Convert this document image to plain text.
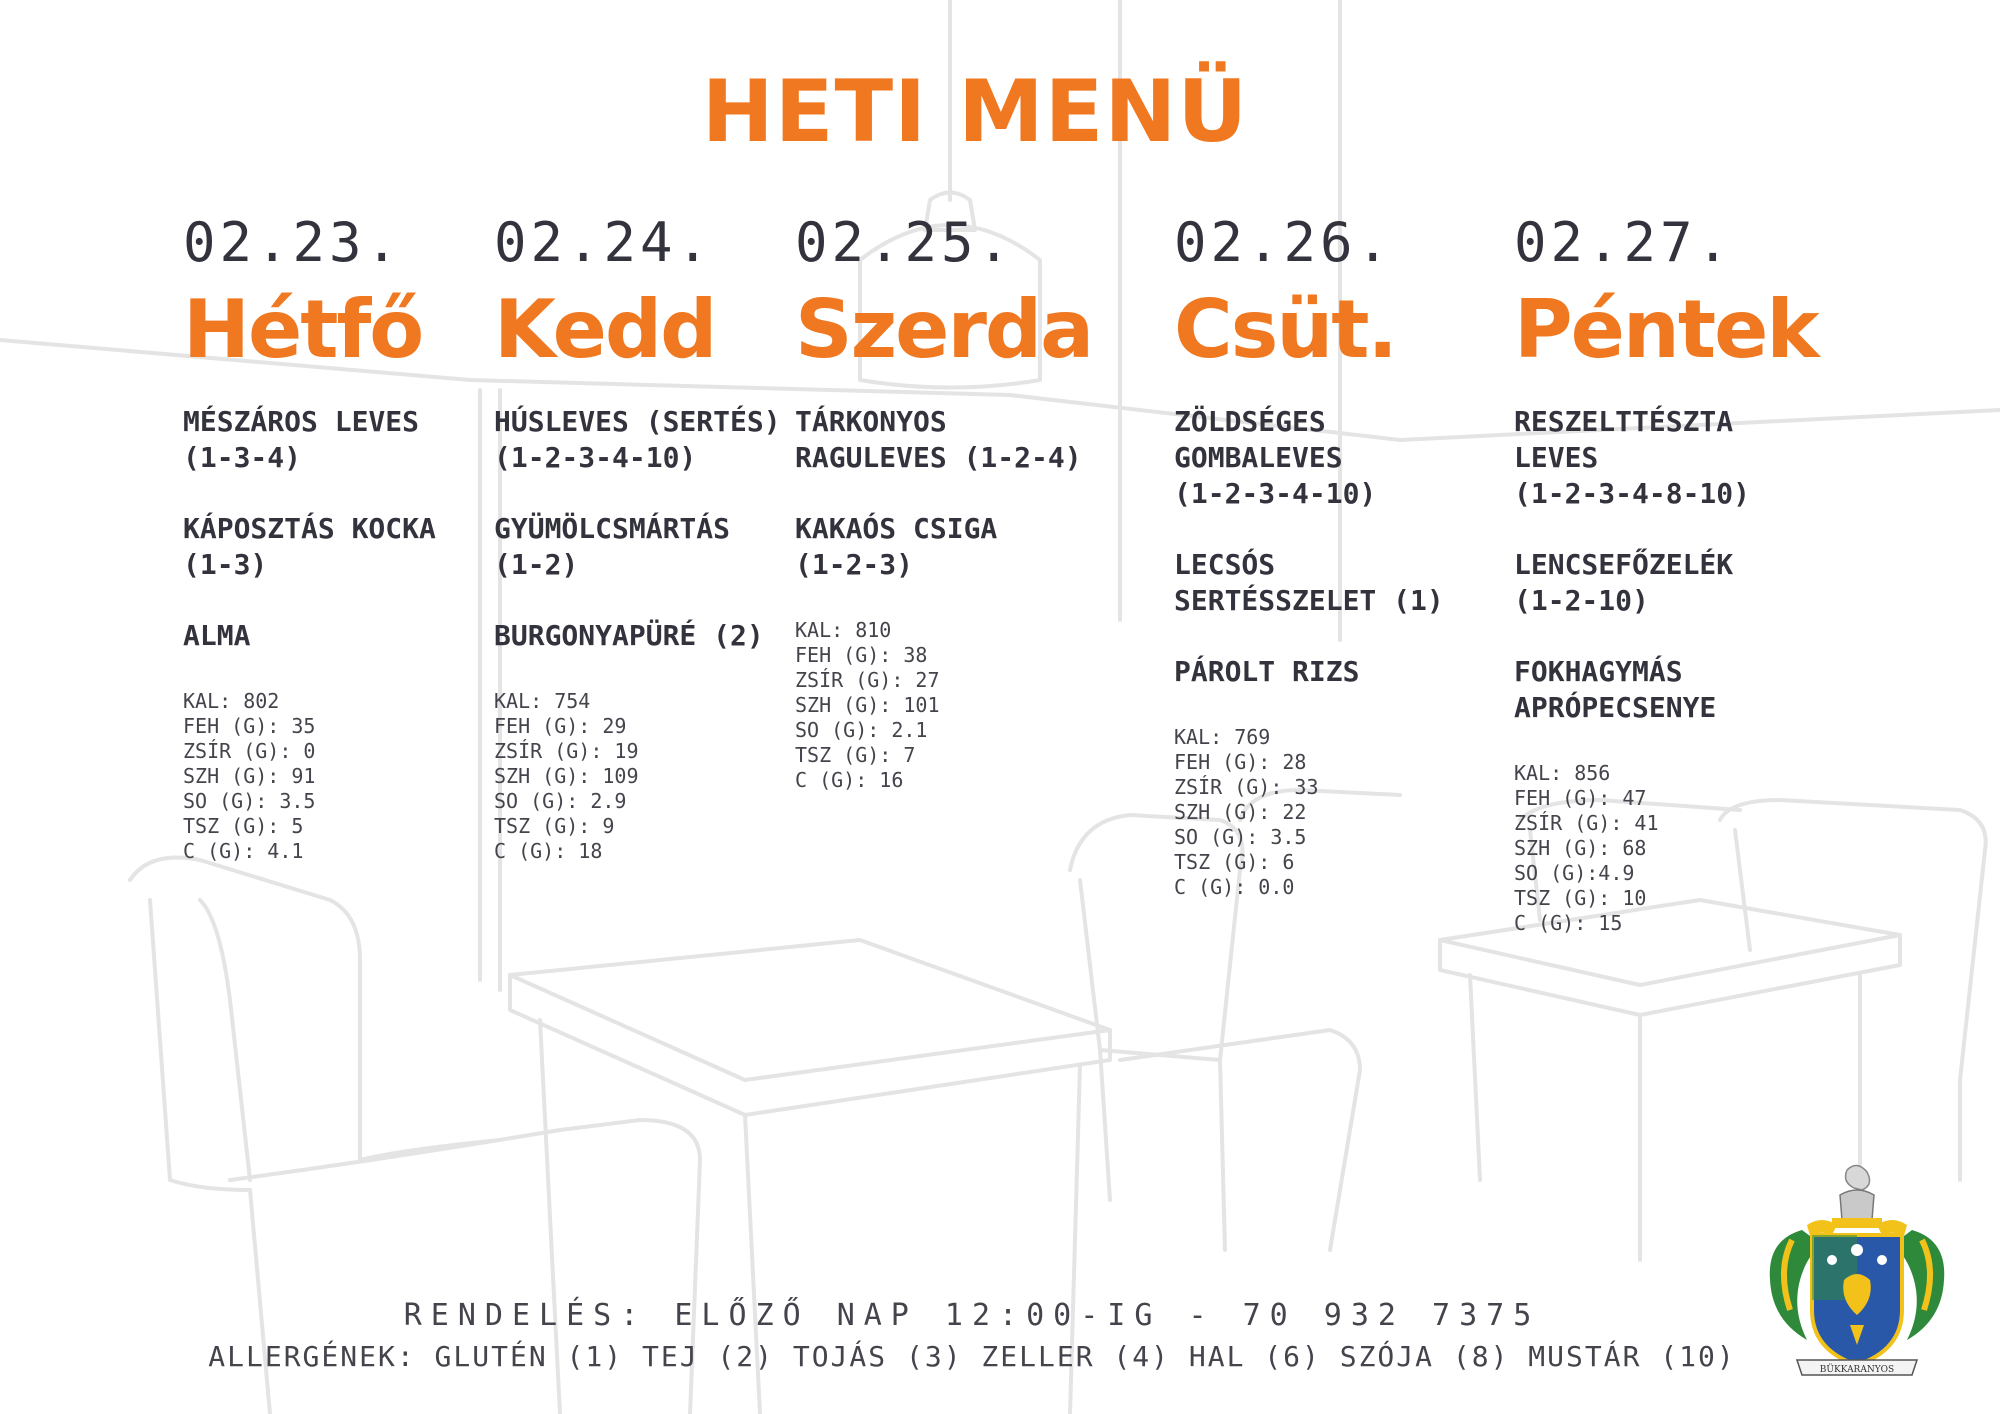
HETI MENÜ
02.23.
Hétfő
MÉSZÁROS LEVES
(1-3-4)
KÁPOSZTÁS KOCKA
(1-3)
ALMA
KAL: 802
FEH (G): 35
ZSÍR (G): 0
SZH (G): 91
SO (G): 3.5
TSZ (G): 5
C (G): 4.1
02.24.
Kedd
HÚSLEVES (SERTÉS)
(1-2-3-4-10)
GYÜMÖLCSMÁRTÁS
(1-2)
BURGONYAPÜRÉ (2)
KAL: 754
FEH (G): 29
ZSÍR (G): 19
SZH (G): 109
SO (G): 2.9
TSZ (G): 9
C (G): 18
02.25.
Szerda
TÁRKONYOS
RAGULEVES (1-2-4)
KAKAÓS CSIGA
(1-2-3)
KAL: 810
FEH (G): 38
ZSÍR (G): 27
SZH (G): 101
SO (G): 2.1
TSZ (G): 7
C (G): 16
02.26.
Csüt.
ZÖLDSÉGES
GOMBALEVES
(1-2-3-4-10)
LECSÓS
SERTÉSSZELET (1)
PÁROLT RIZS
KAL: 769
FEH (G): 28
ZSÍR (G): 33
SZH (G): 22
SO (G): 3.5
TSZ (G): 6
C (G): 0.0
02.27.
Péntek
RESZELTTÉSZTA
LEVES
(1-2-3-4-8-10)
LENCSEFŐZELÉK
(1-2-10)
FOKHAGYMÁS
APRÓPECSENYE
KAL: 856
FEH (G): 47
ZSÍR (G): 41
SZH (G): 68
SO (G):4.9
TSZ (G): 10
C (G): 15
RENDELÉS: ELŐZŐ NAP 12:00-IG - 70 932 7375
ALLERGÉNEK: GLUTÉN (1) TEJ (2) TOJÁS (3) ZELLER (4) HAL (6) SZÓJA (8) MUSTÁR (10)	BÜKKARANYOS
